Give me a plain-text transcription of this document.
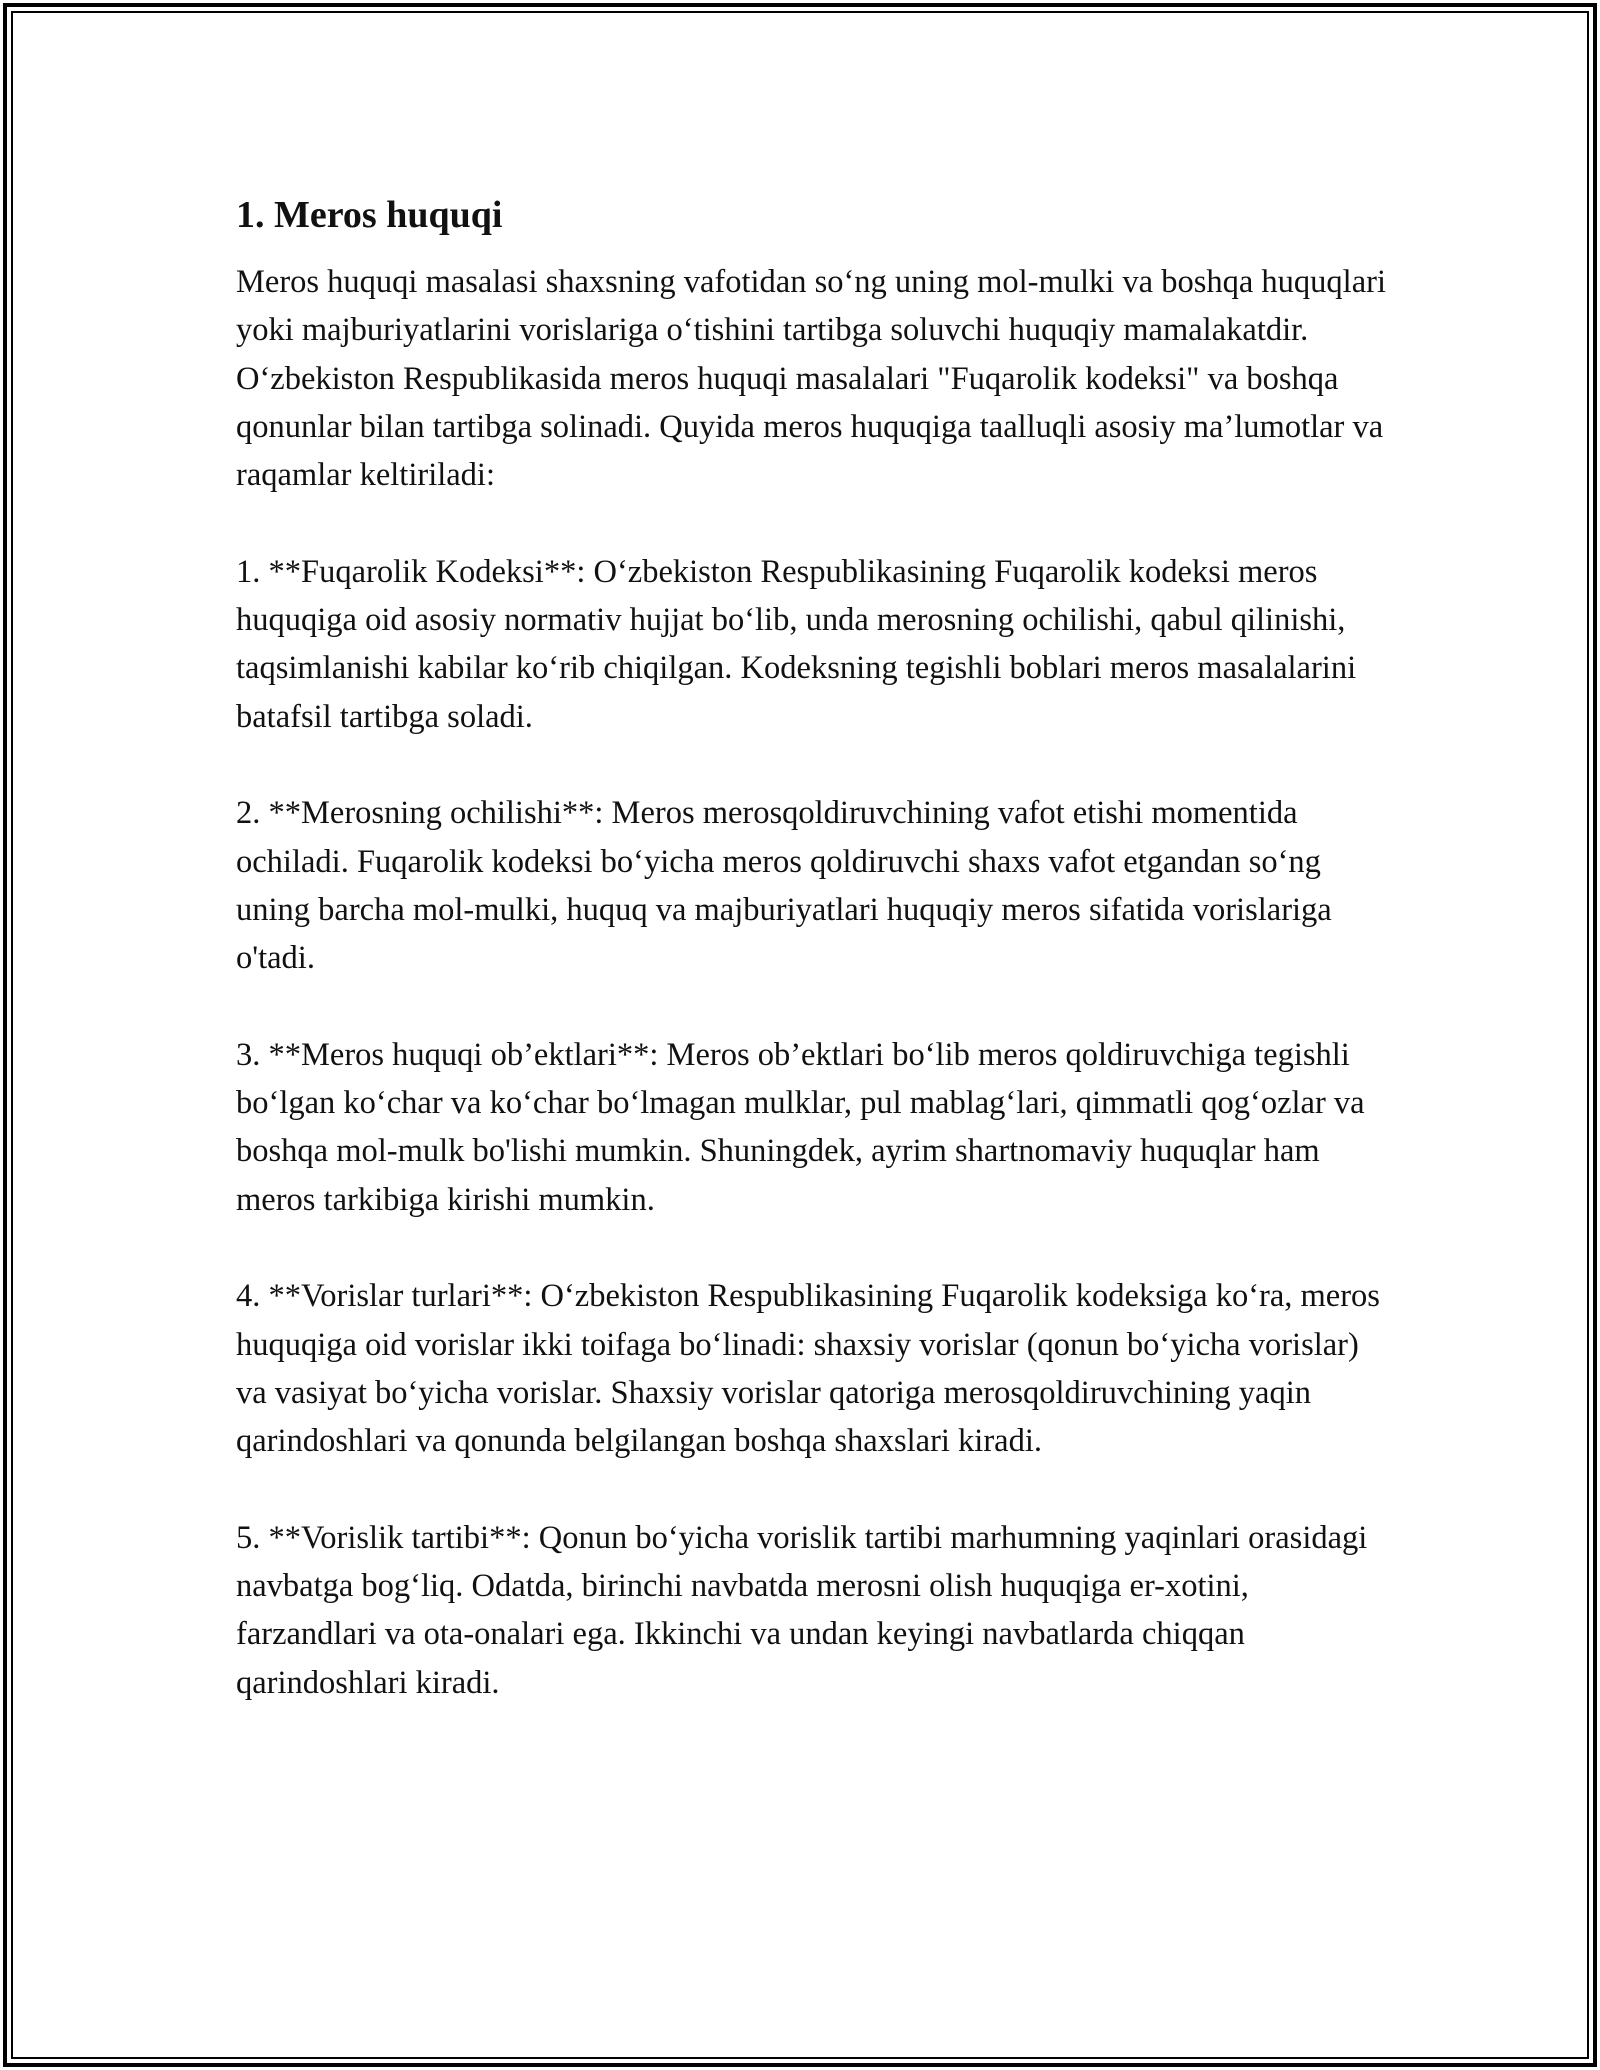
1. Meros huquqi

Meros huquqi masalasi shaxsning vafotidan so‘ng uning mol-mulki va boshqa huquqlari yoki majburiyatlarini vorislariga o‘tishini tartibga soluvchi huquqiy mamalakatdir. O‘zbekiston Respublikasida meros huquqi masalalari "Fuqarolik kodeksi" va boshqa qonunlar bilan tartibga solinadi. Quyida meros huquqiga taalluqli asosiy ma’lumotlar va raqamlar keltiriladi:

1. **Fuqarolik Kodeksi**: O‘zbekiston Respublikasining Fuqarolik kodeksi meros huquqiga oid asosiy normativ hujjat bo‘lib, unda merosning ochilishi, qabul qilinishi, taqsimlanishi kabilar ko‘rib chiqilgan. Kodeksning tegishli boblari meros masalalarini batafsil tartibga soladi.

2. **Merosning ochilishi**: Meros merosqoldiruvchining vafot etishi momentida ochiladi. Fuqarolik kodeksi bo‘yicha meros qoldiruvchi shaxs vafot etgandan so‘ng uning barcha mol-mulki, huquq va majburiyatlari huquqiy meros sifatida vorislariga o'tadi.

3. **Meros huquqi ob’ektlari**: Meros ob’ektlari bo‘lib meros qoldiruvchiga tegishli bo‘lgan ko‘char va ko‘char bo‘lmagan mulklar, pul mablag‘lari, qimmatli qog‘ozlar va boshqa mol-mulk bo'lishi mumkin. Shuningdek, ayrim shartnomaviy huquqlar ham meros tarkibiga kirishi mumkin.

4. **Vorislar turlari**: O‘zbekiston Respublikasining Fuqarolik kodeksiga ko‘ra, meros huquqiga oid vorislar ikki toifaga bo‘linadi: shaxsiy vorislar (qonun bo‘yicha vorislar) va vasiyat bo‘yicha vorislar. Shaxsiy vorislar qatoriga merosqoldiruvchining yaqin qarindoshlari va qonunda belgilangan boshqa shaxslari kiradi.

5. **Vorislik tartibi**: Qonun bo‘yicha vorislik tartibi marhumning yaqinlari orasidagi navbatga bog‘liq. Odatda, birinchi navbatda merosni olish huquqiga er-xotini, farzandlari va ota-onalari ega. Ikkinchi va undan keyingi navbatlarda chiqqan qarindoshlari kiradi.
